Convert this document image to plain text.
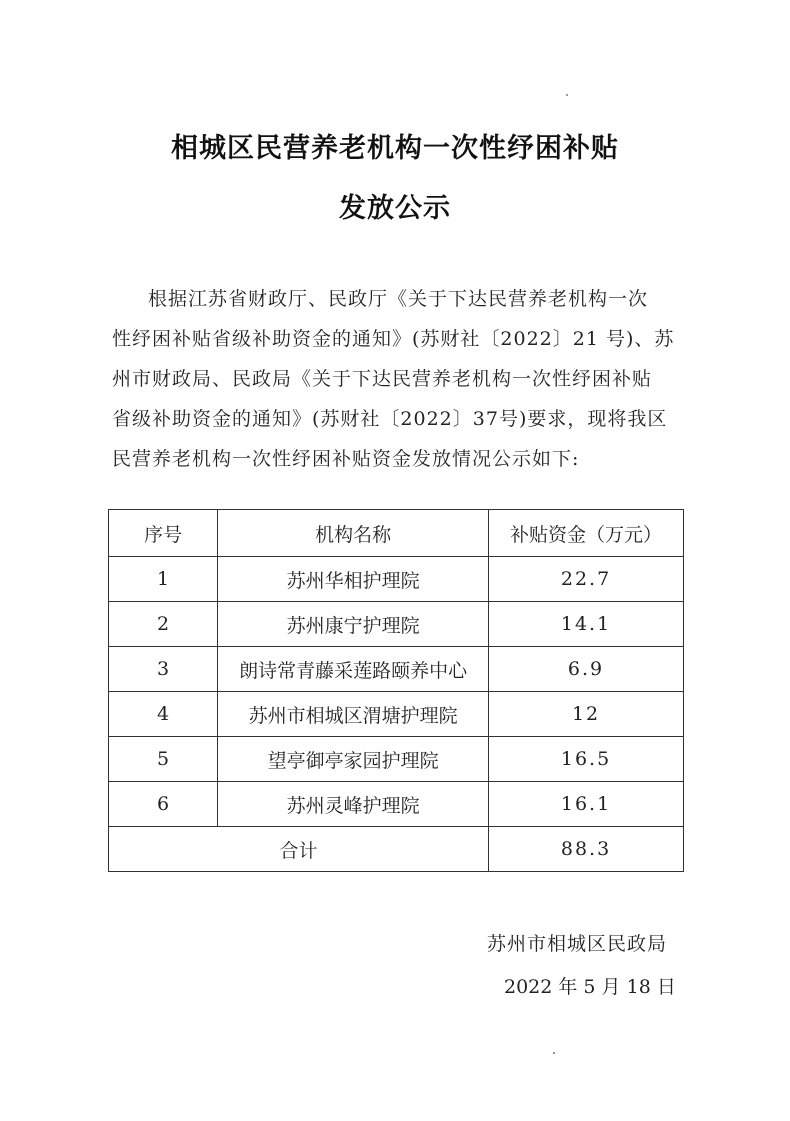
相城区民营养老机构一次性纾困补贴
发放公示
根据江苏省财政厅、民政厅《关于下达民营养老机构一次
性纾困补贴省级补助资金的通知》(苏财社〔2022〕21 号)、苏
州市财政局、民政局《关于下达民营养老机构一次性纾困补贴
省级补助资金的通知》(苏财社〔2022〕37号)要求，现将我区
民营养老机构一次性纾困补贴资金发放情况公示如下:
序号	机构名称	补贴资金（万元）
1	苏州华相护理院	22.7
2	苏州康宁护理院	14.1
3	朗诗常青藤采莲路颐养中心	6.9
4	苏州市相城区渭塘护理院	12
5	望亭御亭家园护理院	16.5
6	苏州灵峰护理院	16.1
合计		88.3
苏州市相城区民政局
2022 年 5 月 18 日
